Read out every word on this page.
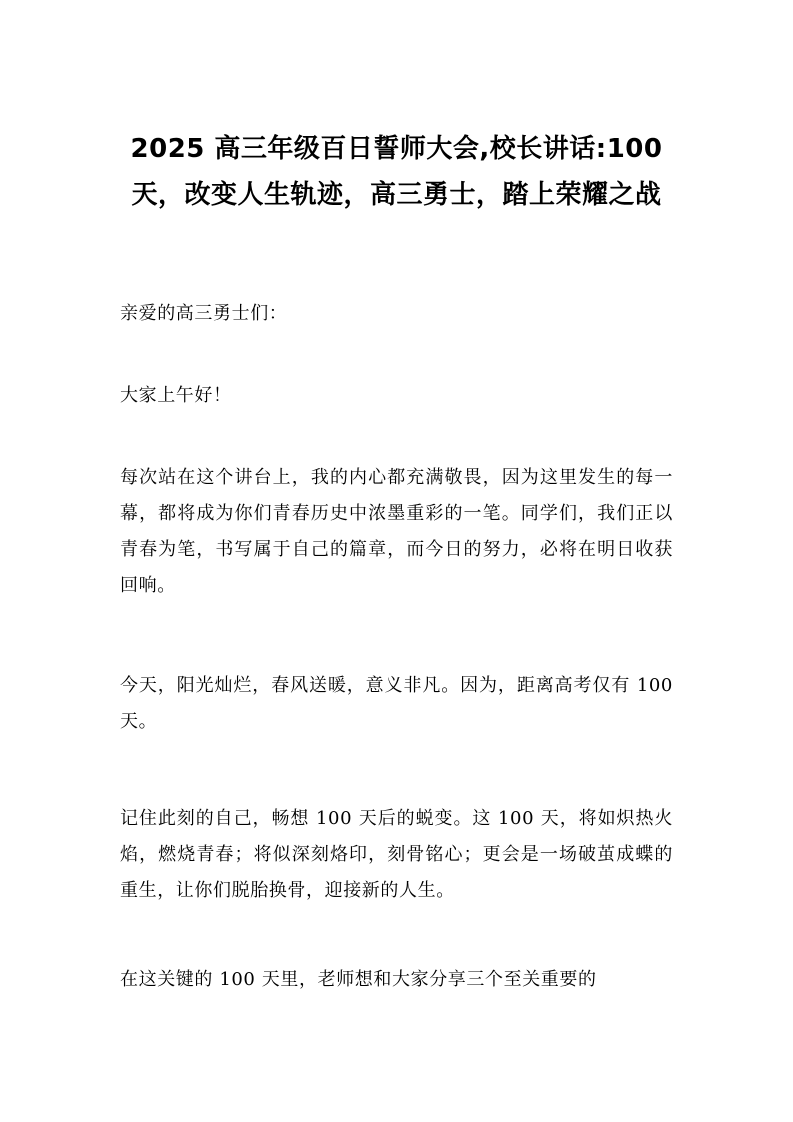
2025 高三年级百日誓师大会,校长讲话:100 天，改变人生轨迹，高三勇士，踏上荣耀之战

亲爱的高三勇士们：

大家上午好！

每次站在这个讲台上，我的内心都充满敬畏，因为这里发生的每一幕，都将成为你们青春历史中浓墨重彩的一笔。同学们，我们正以青春为笔，书写属于自己的篇章，而今日的努力，必将在明日收获回响。

今天，阳光灿烂，春风送暖，意义非凡。因为，距离高考仅有 100 天。

记住此刻的自己，畅想 100 天后的蜕变。这 100 天，将如炽热火焰，燃烧青春；将似深刻烙印，刻骨铭心；更会是一场破茧成蝶的重生，让你们脱胎换骨，迎接新的人生。

在这关键的 100 天里，老师想和大家分享三个至关重要的
